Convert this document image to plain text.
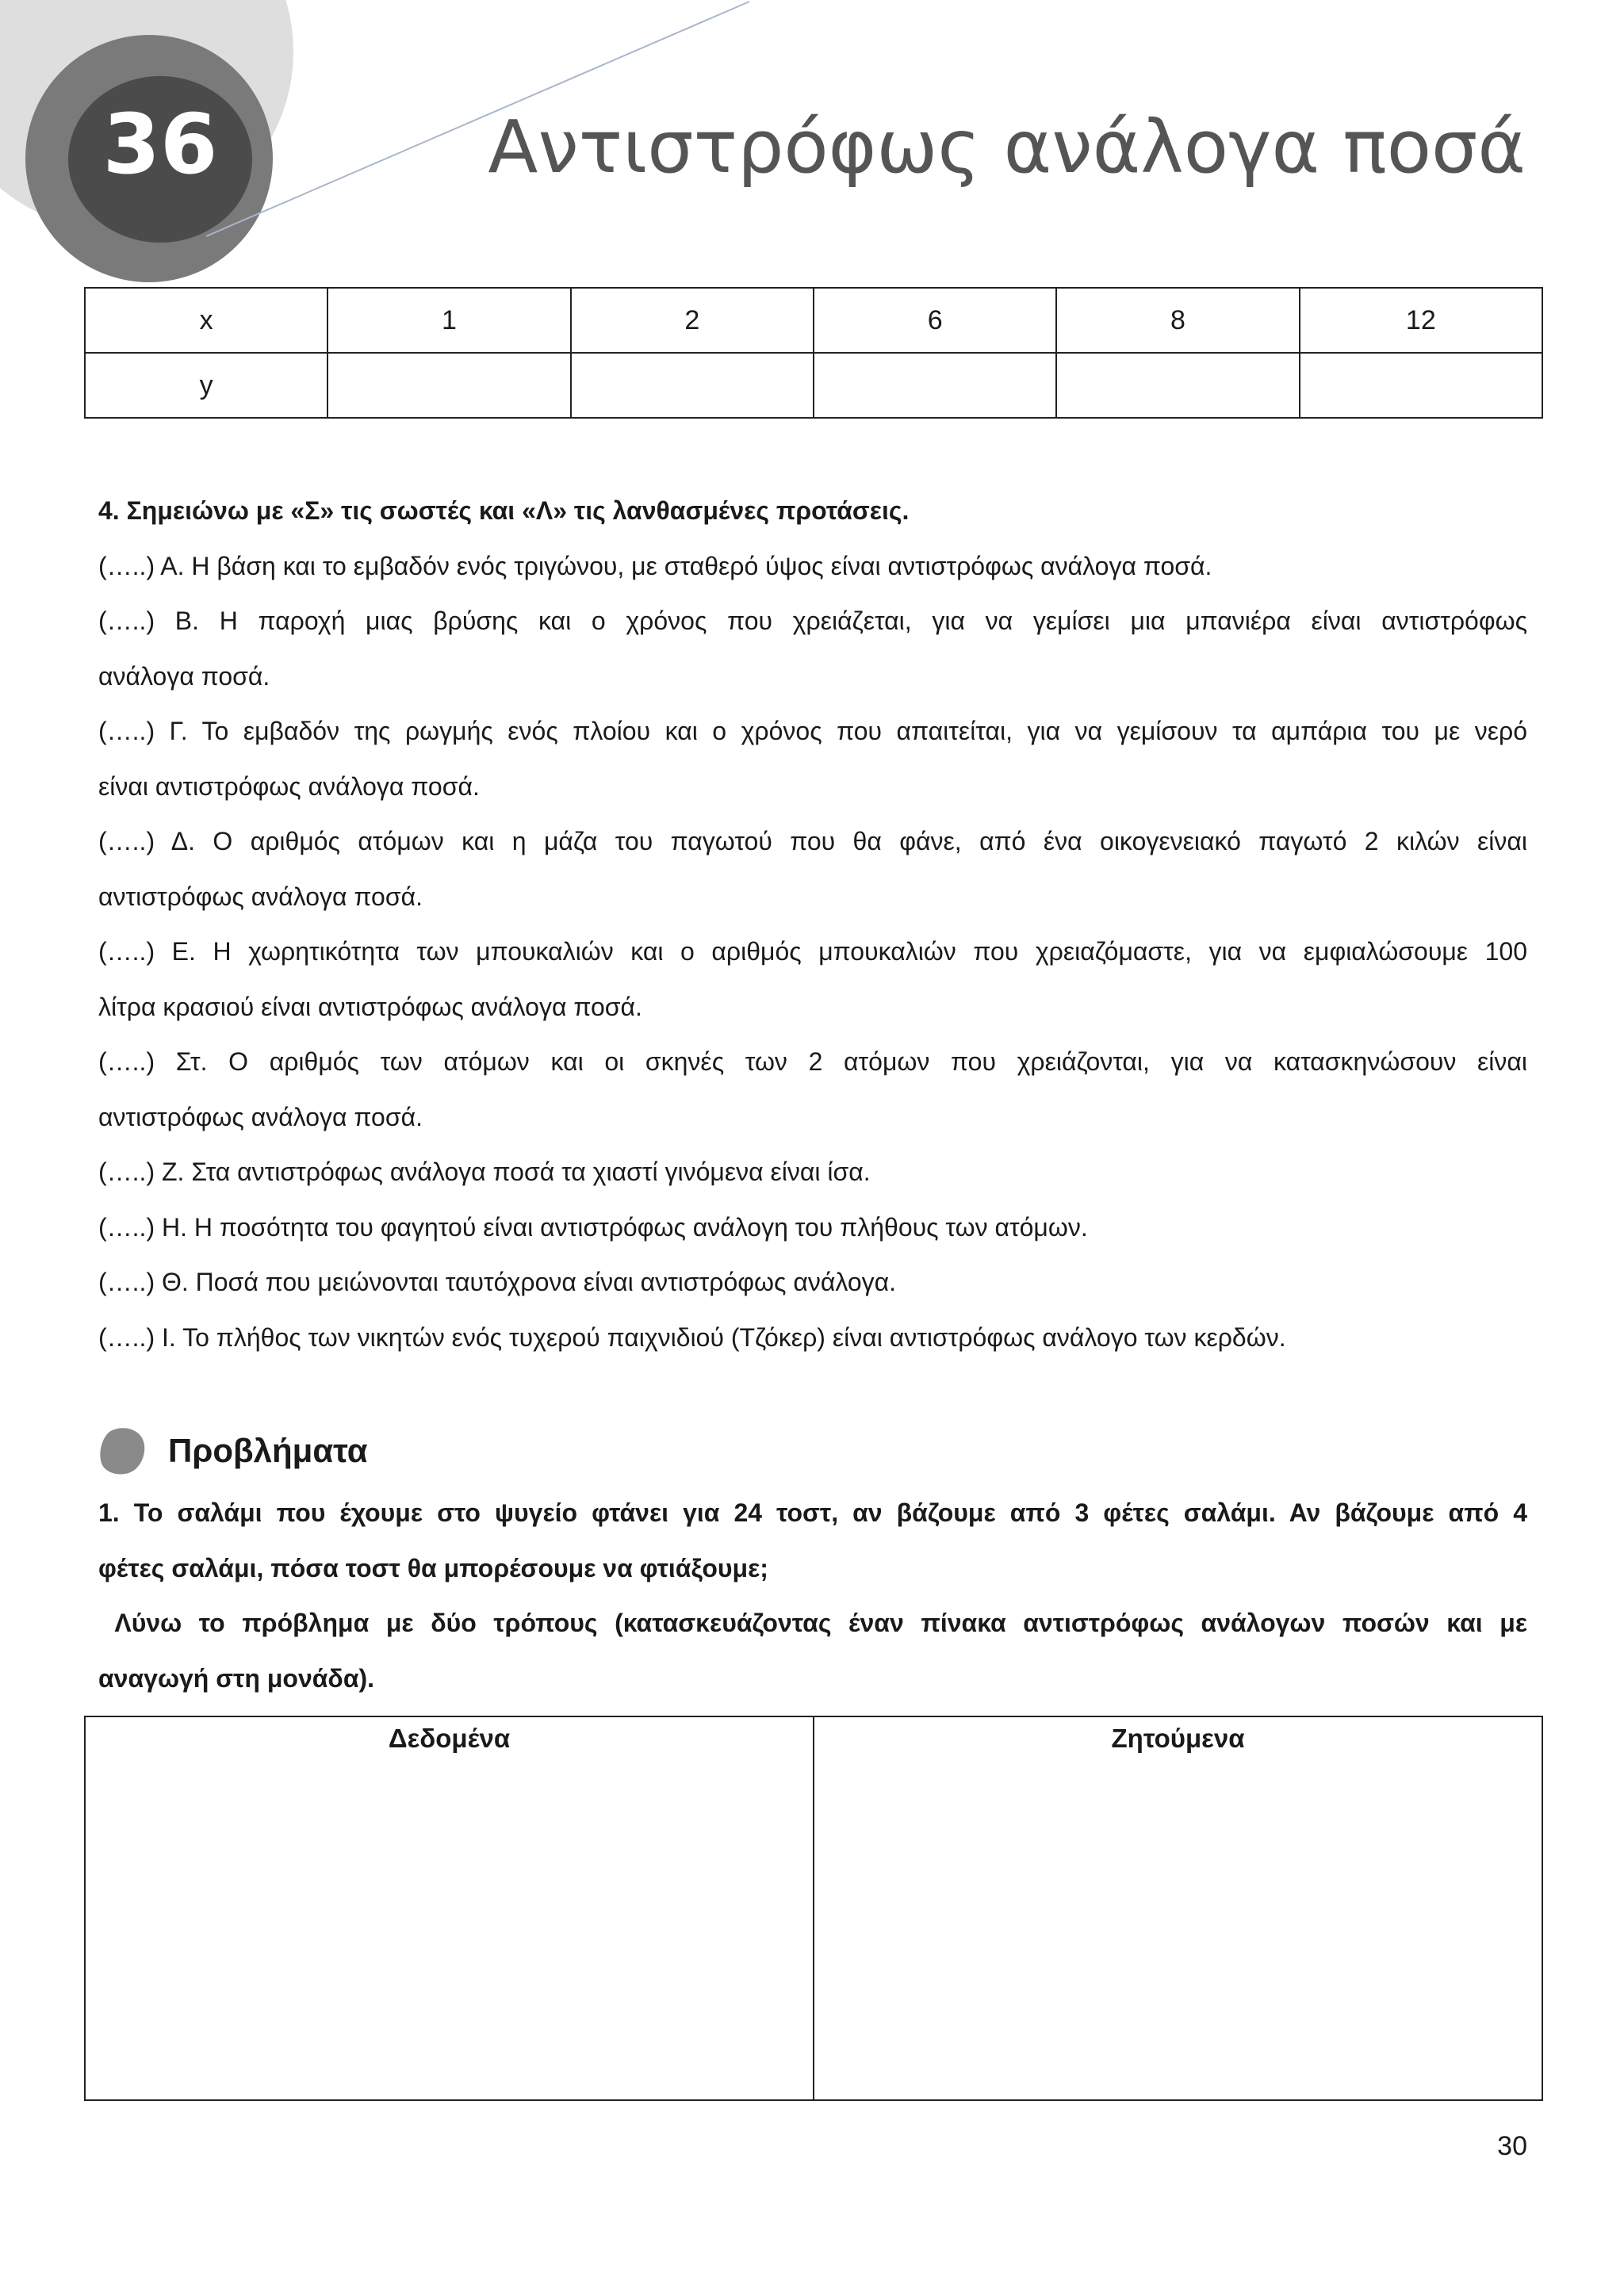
36	Αντιστρόφως ανάλογα ποσά
x	1	2	6	8	12
y					

4. Σημειώνω με «Σ» τις σωστές και «Λ» τις λανθασμένες προτάσεις.

(…..) Α. Η βάση και το εμβαδόν ενός τριγώνου, με σταθερό ύψος είναι αντιστρόφως ανάλογα ποσά.

(…..) Β. Η παροχή μιας βρύσης και ο χρόνος που χρειάζεται, για να γεμίσει μια μπανιέρα είναι αντιστρόφως

ανάλογα ποσά.

(…..) Γ. Το εμβαδόν της ρωγμής ενός πλοίου και ο χρόνος που απαιτείται, για να γεμίσουν τα αμπάρια του με νερό

είναι αντιστρόφως ανάλογα ποσά.

(…..) Δ. Ο αριθμός ατόμων και η μάζα του παγωτού που θα φάνε, από ένα οικογενειακό παγωτό 2 κιλών είναι

αντιστρόφως ανάλογα ποσά.

(…..) Ε. Η χωρητικότητα των μπουκαλιών και ο αριθμός μπουκαλιών που χρειαζόμαστε, για να εμφιαλώσουμε 100

λίτρα κρασιού είναι αντιστρόφως ανάλογα ποσά.

(…..) Στ. Ο αριθμός των ατόμων και οι σκηνές των 2 ατόμων που χρειάζονται, για να κατασκηνώσουν είναι

αντιστρόφως ανάλογα ποσά.

(…..) Ζ. Στα αντιστρόφως ανάλογα ποσά τα χιαστί γινόμενα είναι ίσα.

(…..) Η. Η ποσότητα του φαγητού είναι αντιστρόφως ανάλογη του πλήθους των ατόμων.

(…..) Θ. Ποσά που μειώνονται ταυτόχρονα είναι αντιστρόφως ανάλογα.

(…..) Ι. Το πλήθος των νικητών ενός τυχερού παιχνιδιού (Τζόκερ) είναι αντιστρόφως ανάλογο των κερδών.

Προβλήματα

1. Το σαλάμι που έχουμε στο ψυγείο φτάνει για 24 τοστ, αν βάζουμε από 3 φέτες σαλάμι. Αν βάζουμε από 4

φέτες σαλάμι, πόσα τοστ θα μπορέσουμε να φτιάξουμε;

Λύνω το πρόβλημα με δύο τρόπους (κατασκευάζοντας έναν πίνακα αντιστρόφως ανάλογων ποσών και με

αναγωγή στη μονάδα).

Δεδομένα	Ζητούμενα
30
